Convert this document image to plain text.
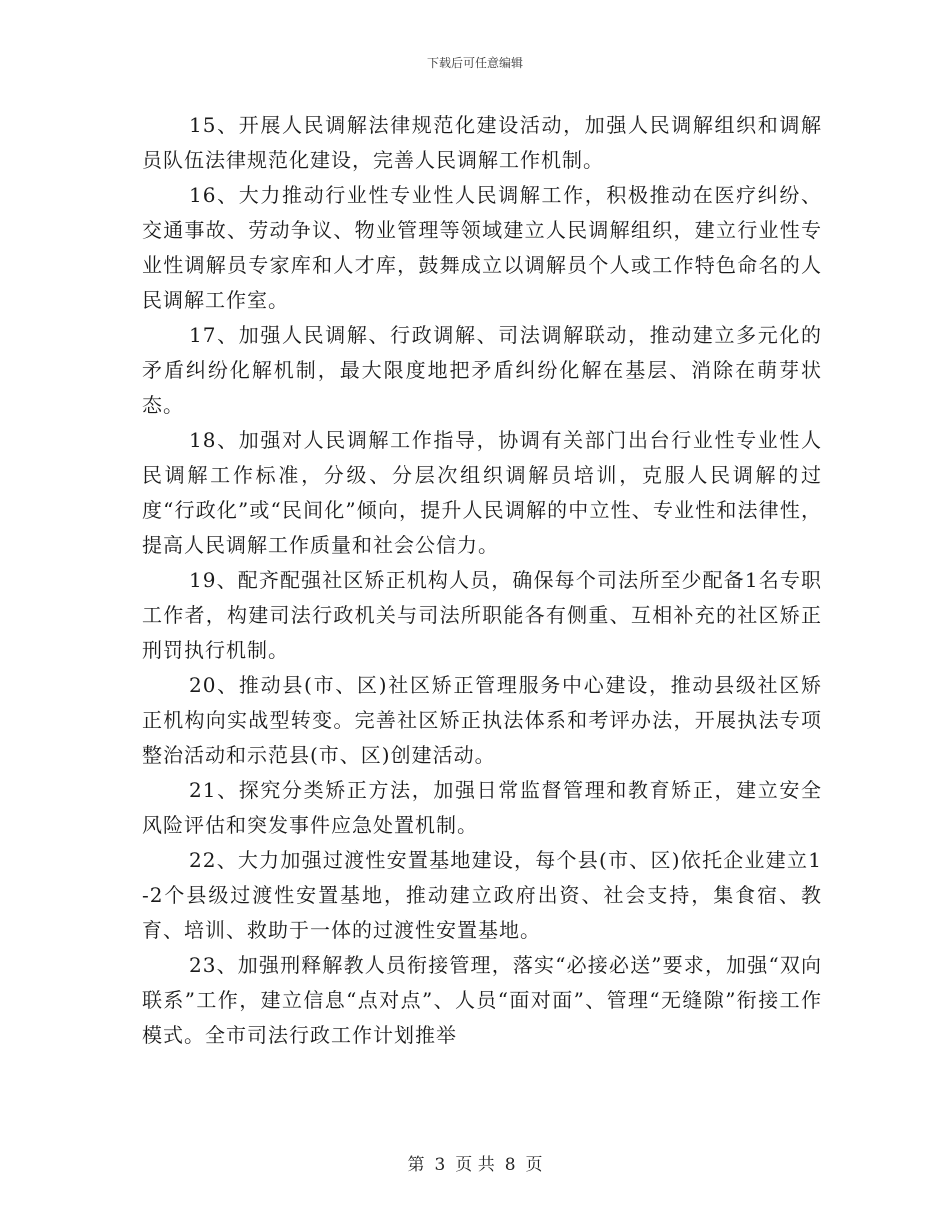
下载后可任意编辑

15、开展人民调解法律规范化建设活动，加强人民调解组织和调解员队伍法律规范化建设，完善人民调解工作机制。

16、大力推动行业性专业性人民调解工作，积极推动在医疗纠纷、交通事故、劳动争议、物业管理等领域建立人民调解组织，建立行业性专业性调解员专家库和人才库，鼓舞成立以调解员个人或工作特色命名的人民调解工作室。

17、加强人民调解、行政调解、司法调解联动，推动建立多元化的矛盾纠纷化解机制，最大限度地把矛盾纠纷化解在基层、消除在萌芽状态。

18、加强对人民调解工作指导，协调有关部门出台行业性专业性人民调解工作标准，分级、分层次组织调解员培训，克服人民调解的过度“行政化”或“民间化”倾向，提升人民调解的中立性、专业性和法律性，提高人民调解工作质量和社会公信力。

19、配齐配强社区矫正机构人员，确保每个司法所至少配备1名专职工作者，构建司法行政机关与司法所职能各有侧重、互相补充的社区矫正刑罚执行机制。

20、推动县(市、区)社区矫正管理服务中心建设，推动县级社区矫正机构向实战型转变。完善社区矫正执法体系和考评办法，开展执法专项整治活动和示范县(市、区)创建活动。

21、探究分类矫正方法，加强日常监督管理和教育矫正，建立安全风险评估和突发事件应急处置机制。

22、大力加强过渡性安置基地建设，每个县(市、区)依托企业建立1-2个县级过渡性安置基地，推动建立政府出资、社会支持，集食宿、教育、培训、救助于一体的过渡性安置基地。

23、加强刑释解教人员衔接管理，落实“必接必送”要求，加强“双向联系”工作，建立信息“点对点”、人员“面对面”、管理“无缝隙”衔接工作模式。全市司法行政工作计划推举

第 3 页 共 8 页
